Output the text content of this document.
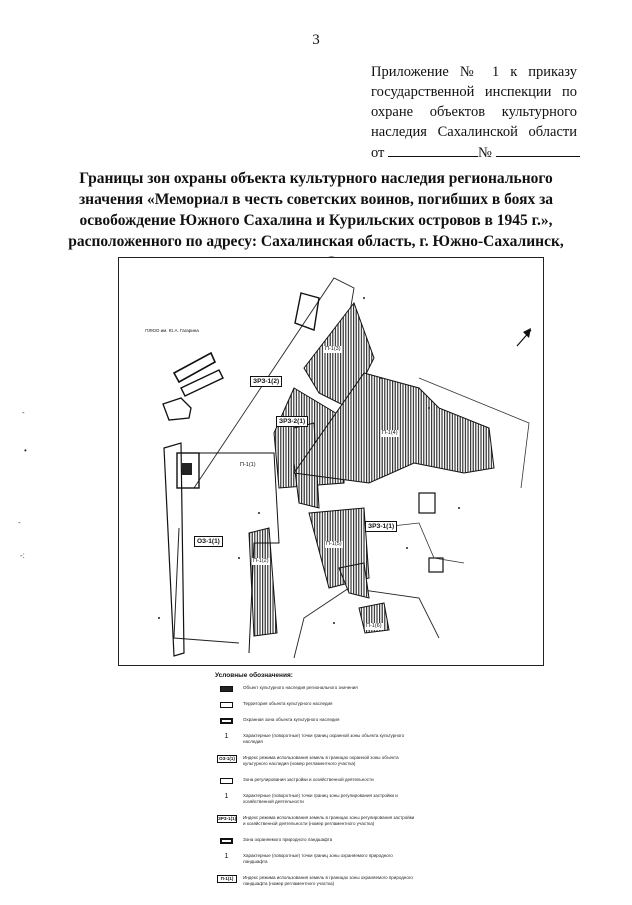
3
Приложение № 1 к приказу
государственной инспекции по
охране объектов культурного
наследия Сахалинской области
от	№
Границы зон охраны объекта культурного наследия регионального
значения «Мемориал в честь советских воинов, погибших в боях за
освобождение Южного Сахалина и Курильских островов в 1945 г.»,
расположенного по адресу: Сахалинская область, г. Южно-Сахалинск,
-
•
-
-:
ПЛЮО им. Ю.А. Гагарина
ЗРЗ-1(2)
ЗРЗ-2(1)
ЗРЗ-1(1)
ОЗ-1(1)
П-1(3)
П-1(4)
П-1(1)
П-1(2)
П-1(5)
П-1(6)
Условные обозначения:
Объект культурного наследия регионального значения
Территория объекта культурного наследия
Охранная зона объекта культурного наследия
1	Характерные (поворотные) точки границ охранной зоны объекта культурного наследия
ОЗ-1(1)	Индекс режима использования земель в границах охранной зоны объекта культурного наследия (номер регламентного участка)
Зона регулирования застройки и хозяйственной деятельности
1	Характерные (поворотные) точки границ зоны регулирования застройки и хозяйственной деятельности
ЗРЗ-1(1) Индекс режима использования земель в границах зоны регулирования застройки и хозяйственной деятельности (номер регламентного участка)
Зона охраняемого природного ландшафта
1	Характерные (поворотные) точки границ зоны охраняемого природного ландшафта
П-1(1)	Индекс режима использования земель в границах зоны охраняемого природного ландшафта (номер регламентного участка)
